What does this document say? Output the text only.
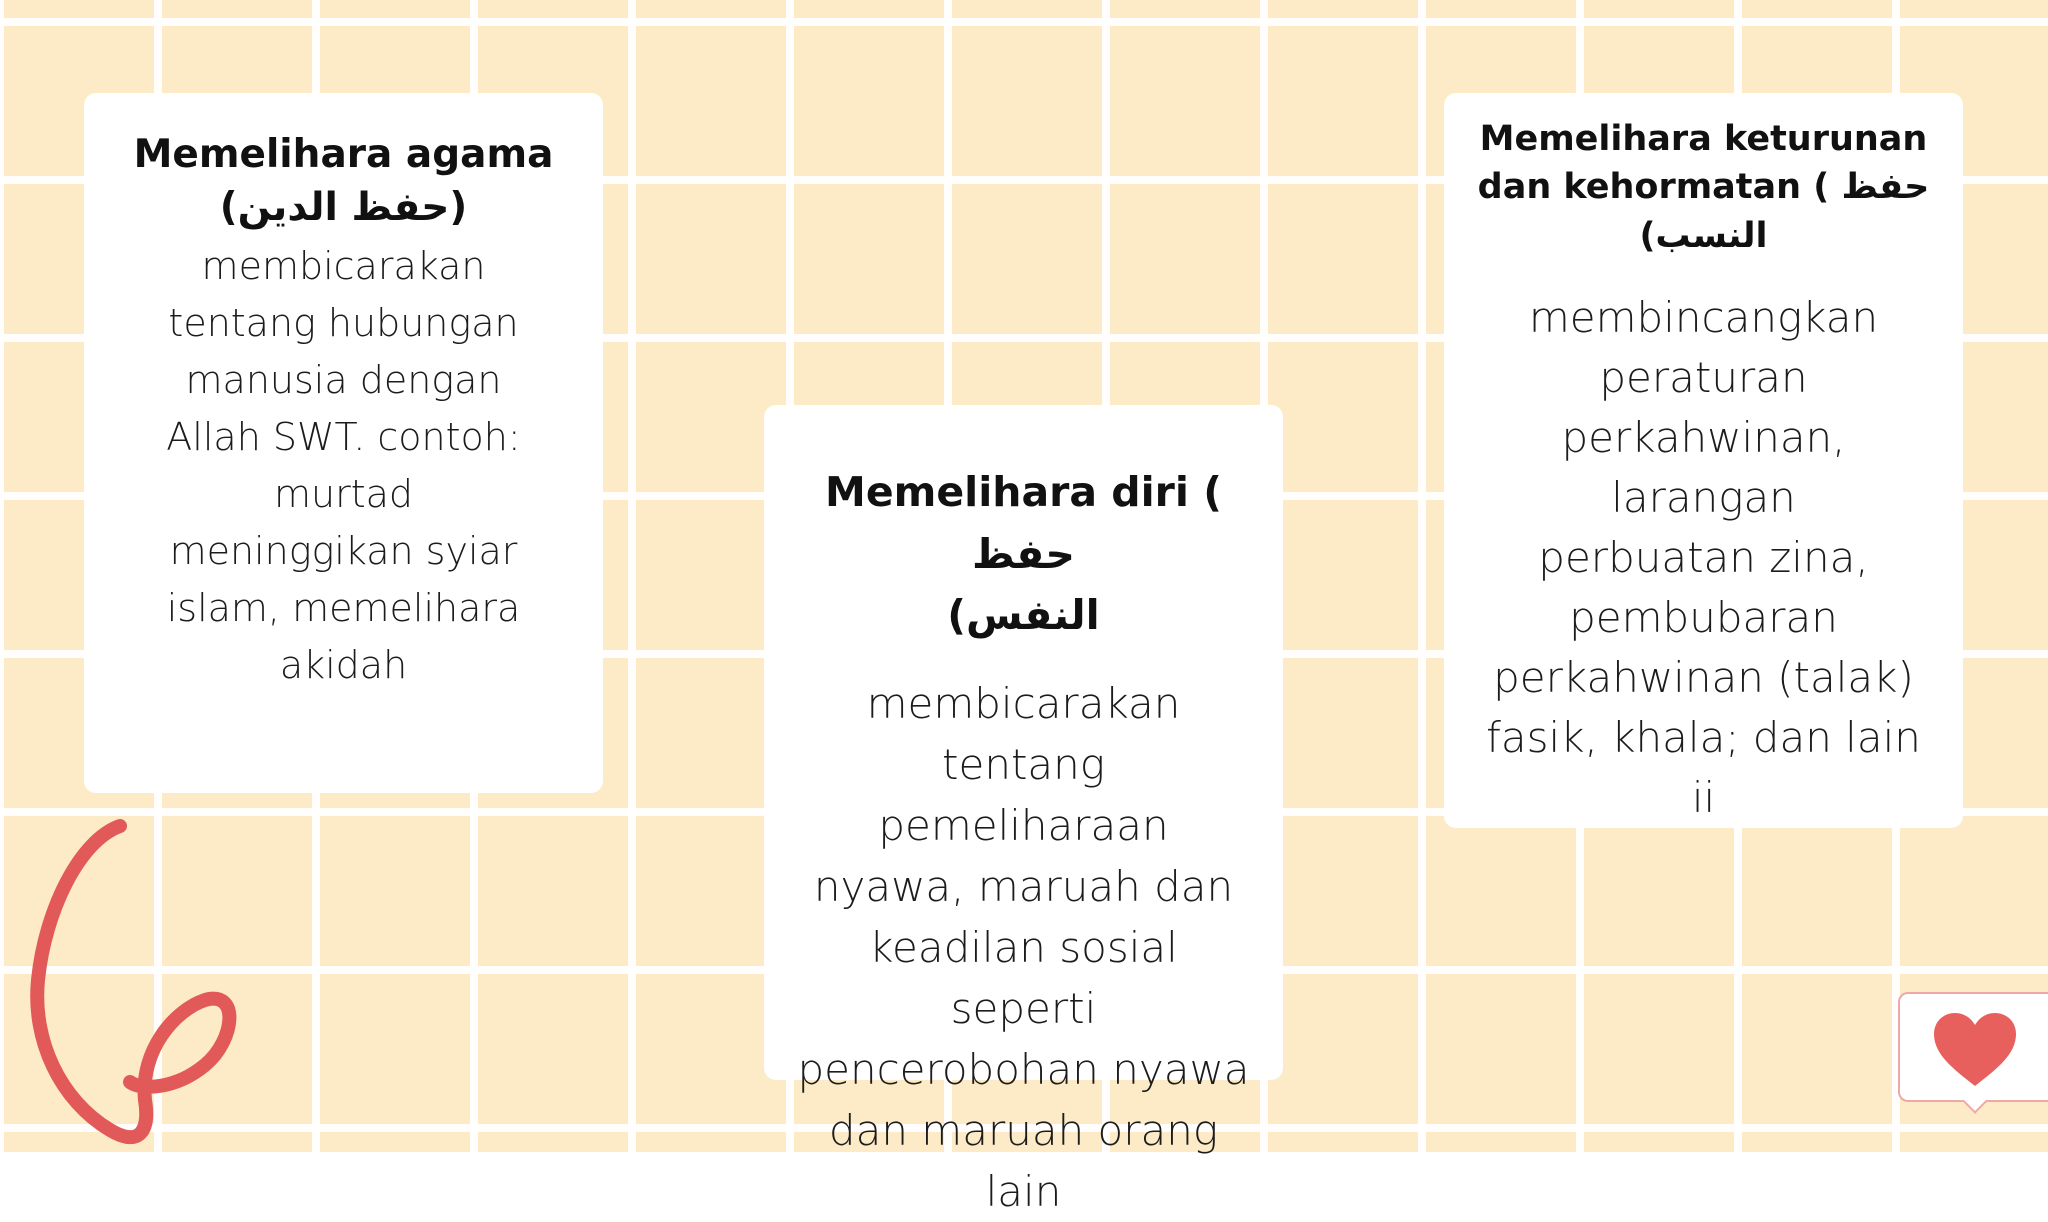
Memelihara agama
(حفظ الدين)
membicarakan
tentang hubungan
manusia dengan
Allah SWT. contoh:
murtad
meninggikan syiar
islam, memelihara
akidah
Memelihara diri ( حفظ
النفس)
membicarakan
tentang pemeliharaan
nyawa, maruah dan
keadilan sosial seperti
pencerobohan nyawa
dan maruah orang
lain
Memelihara keturunan
dan kehormatan ( حفظ
النسب)
membincangkan
peraturan
perkahwinan, larangan
perbuatan zina,
pembubaran
perkahwinan (talak)
fasik, khala; dan lain ii
